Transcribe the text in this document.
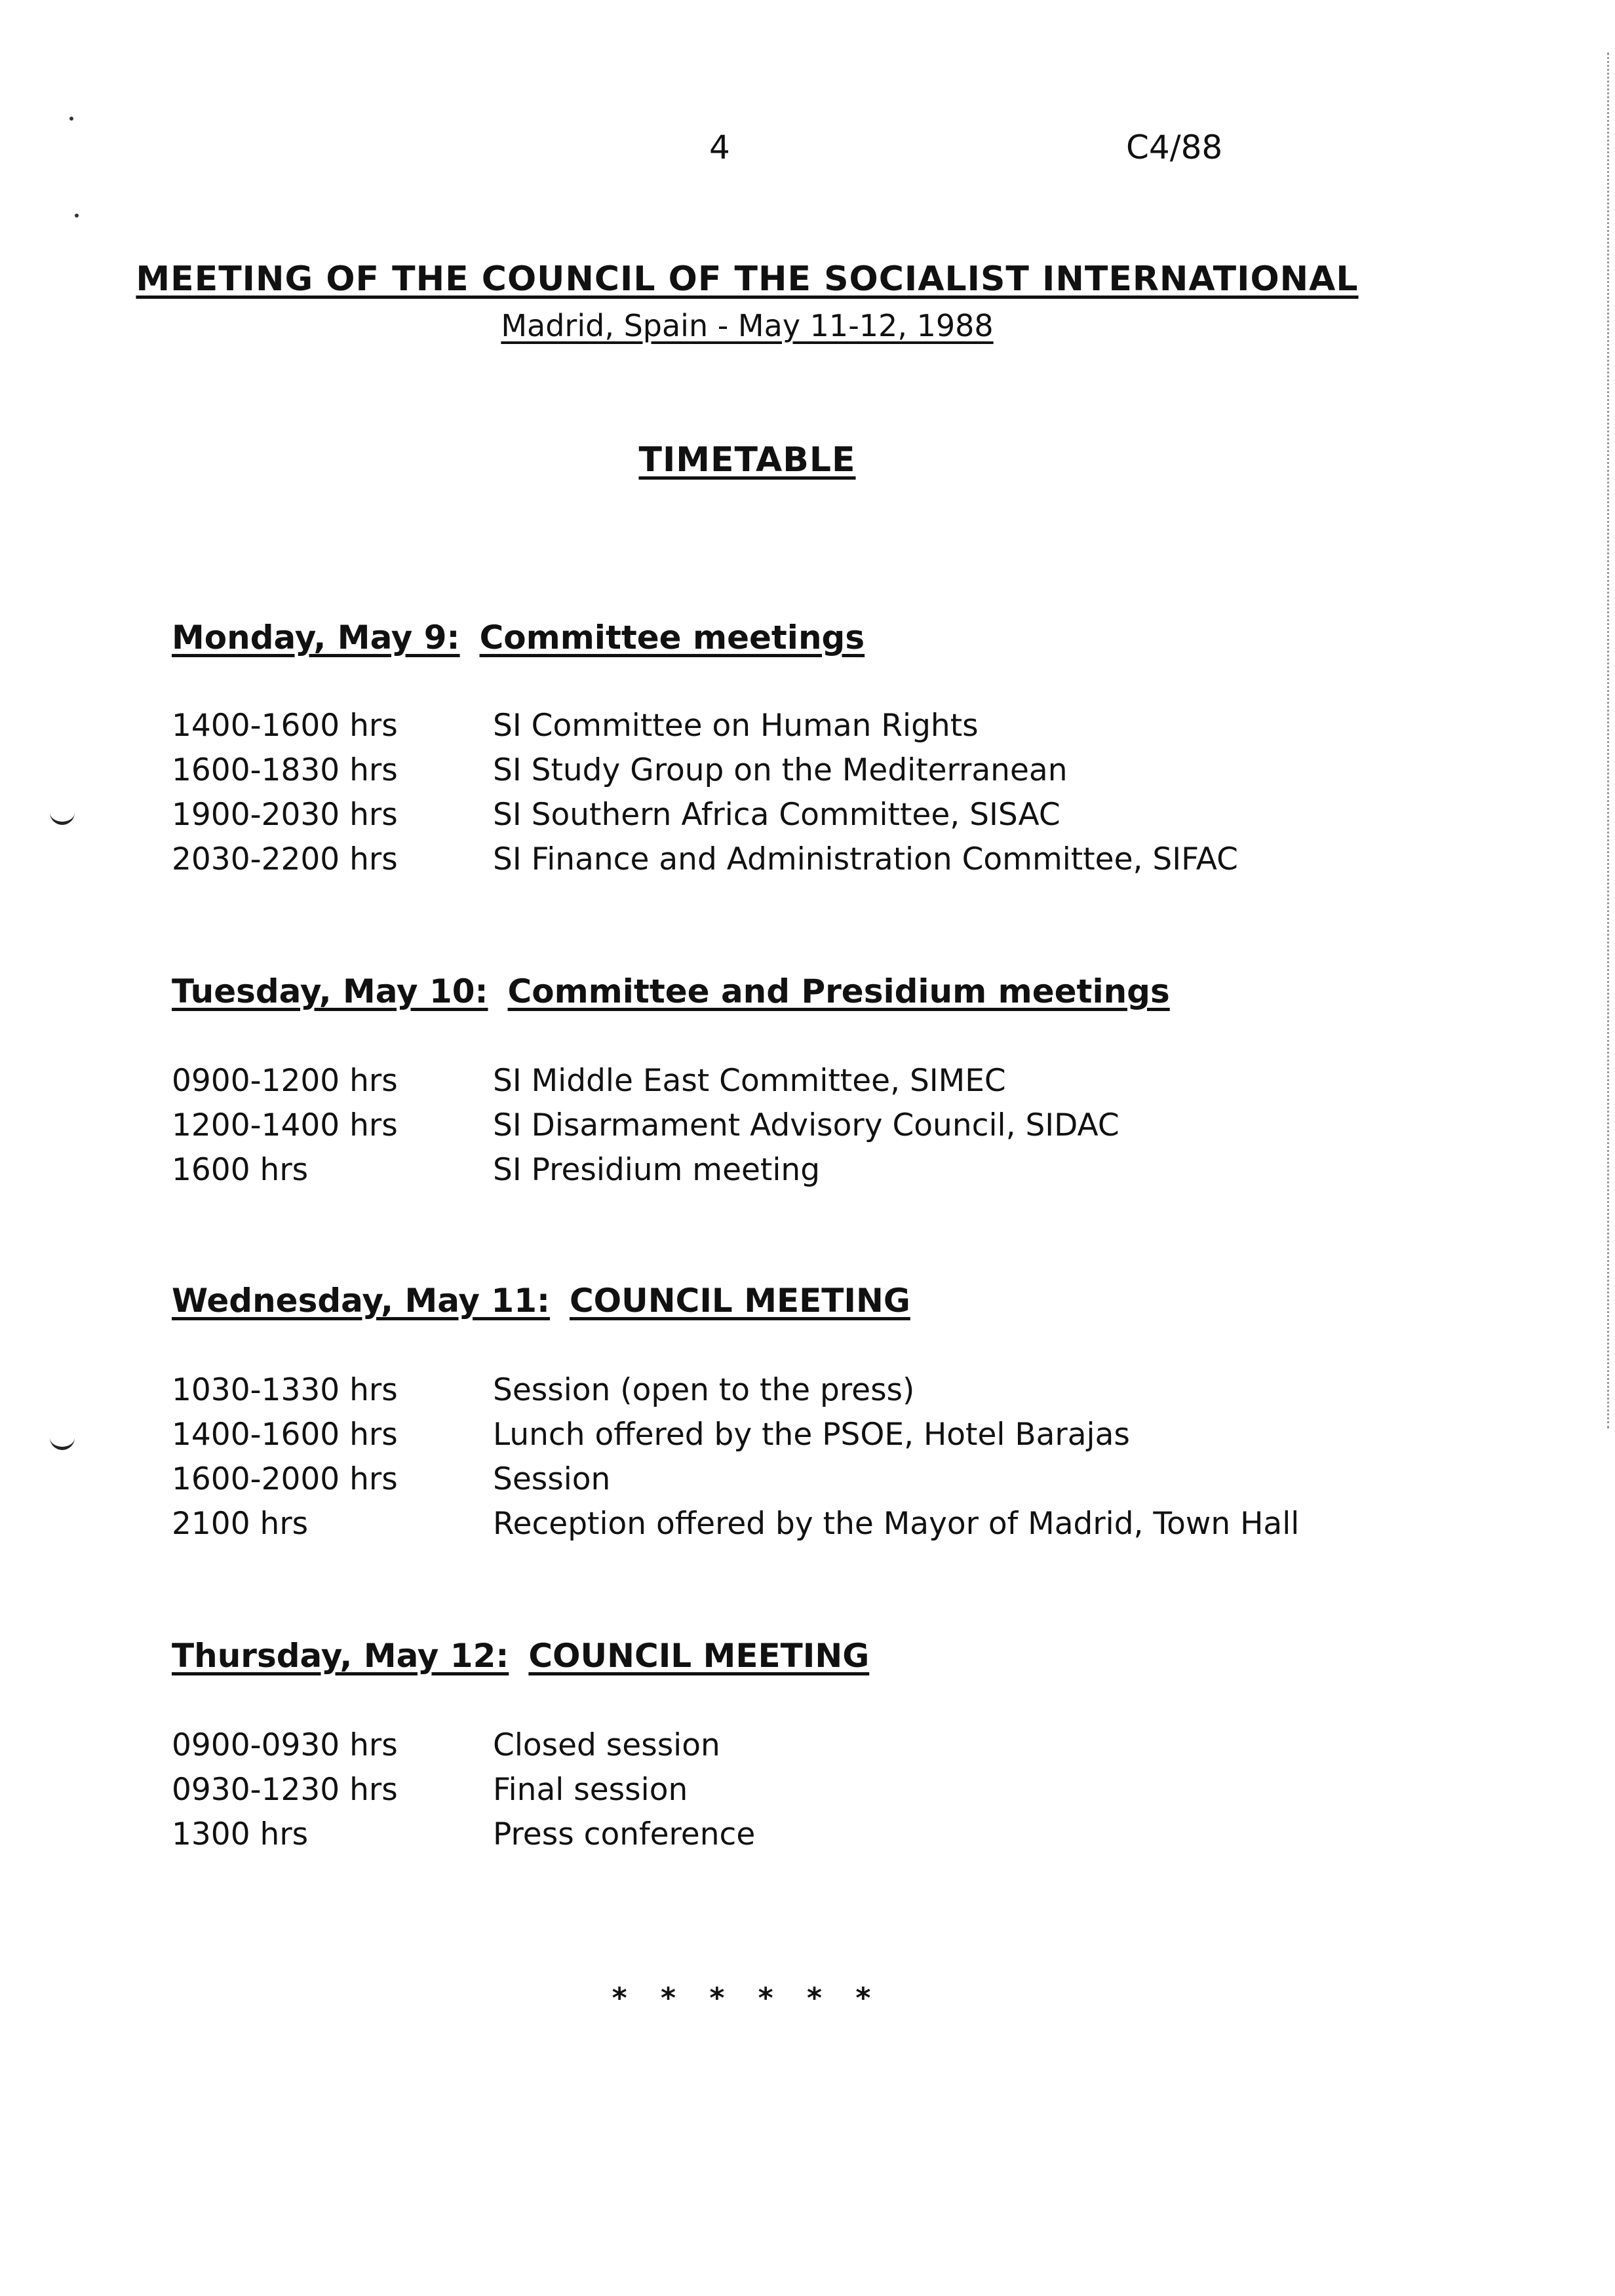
4	C4/88
MEETING OF THE COUNCIL OF THE SOCIALIST INTERNATIONAL
Madrid, Spain - May 11-12, 1988
TIMETABLE
Monday, May 9: Committee meetings
1400-1600 hrs	SI Committee on Human Rights
1600-1830 hrs	SI Study Group on the Mediterranean
1900-2030 hrs	SI Southern Africa Committee, SISAC
2030-2200 hrs	SI Finance and Administration Committee, SIFAC
Tuesday, May 10: Committee and Presidium meetings
0900-1200 hrs	SI Middle East Committee, SIMEC
1200-1400 hrs	SI Disarmament Advisory Council, SIDAC
1600 hrs	SI Presidium meeting
Wednesday, May 11: COUNCIL MEETING
1030-1330 hrs	Session (open to the press)
1400-1600 hrs	Lunch offered by the PSOE, Hotel Barajas
1600-2000 hrs	Session
2100 hrs	Reception offered by the Mayor of Madrid, Town Hall
Thursday, May 12: COUNCIL MEETING
0900-0930 hrs	Closed session
0930-1230 hrs	Final session
1300 hrs	Press conference
* * * * * *
